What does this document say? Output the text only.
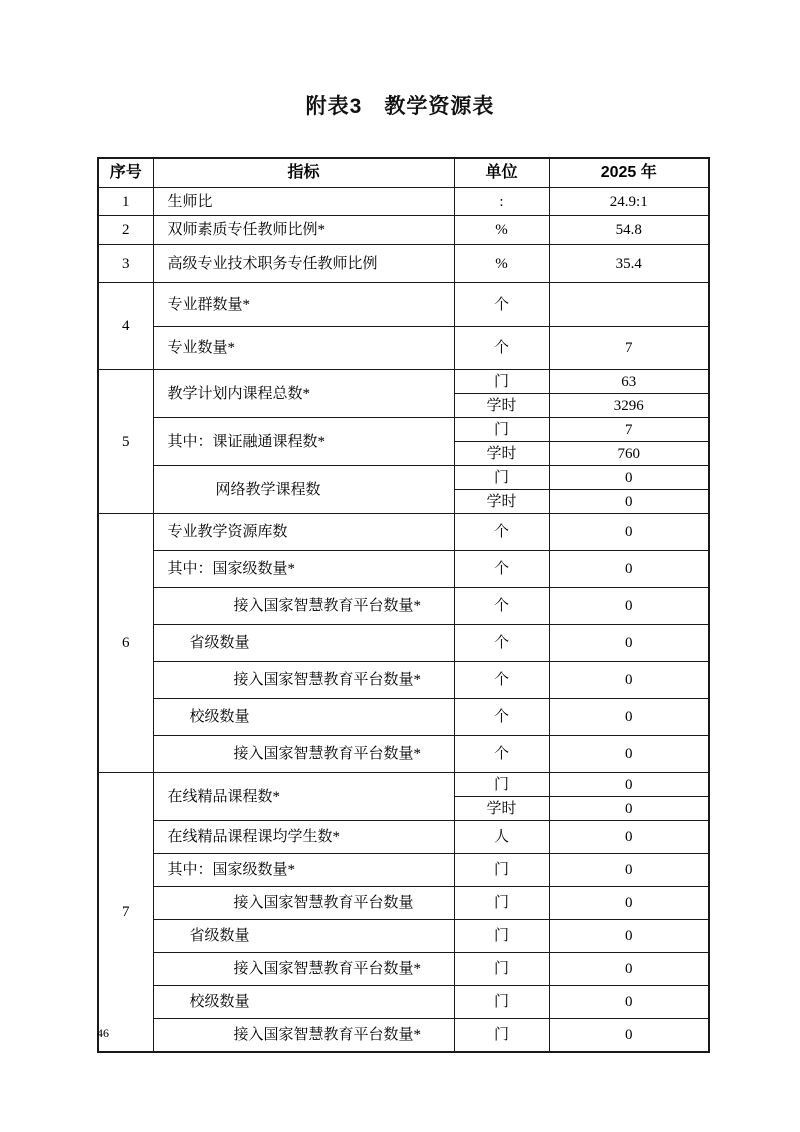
附表3　教学资源表
序号	指标	单位	2025 年
1	生师比	:	24.9:1
2	双师素质专任教师比例*	%	54.8
3	高级专业技术职务专任教师比例	%	35.4
4	专业群数量*	个	
	专业数量*	个	7
5	教学计划内课程总数*	门	63
		学时	3296
	其中：课证融通课程数*	门	7
		学时	760
	网络教学课程数	门	0
		学时	0
6	专业教学资源库数	个	0
	其中：国家级数量*	个	0
	接入国家智慧教育平台数量*	个	0
	省级数量	个	0
	接入国家智慧教育平台数量*	个	0
	校级数量	个	0
	接入国家智慧教育平台数量*	个	0
7	在线精品课程数*	门	0
		学时	0
	在线精品课程课均学生数*	人	0
	其中：国家级数量*	门	0
	接入国家智慧教育平台数量	门	0
	省级数量	门	0
	接入国家智慧教育平台数量*	门	0
	校级数量	门	0
	接入国家智慧教育平台数量*	门	0
46
